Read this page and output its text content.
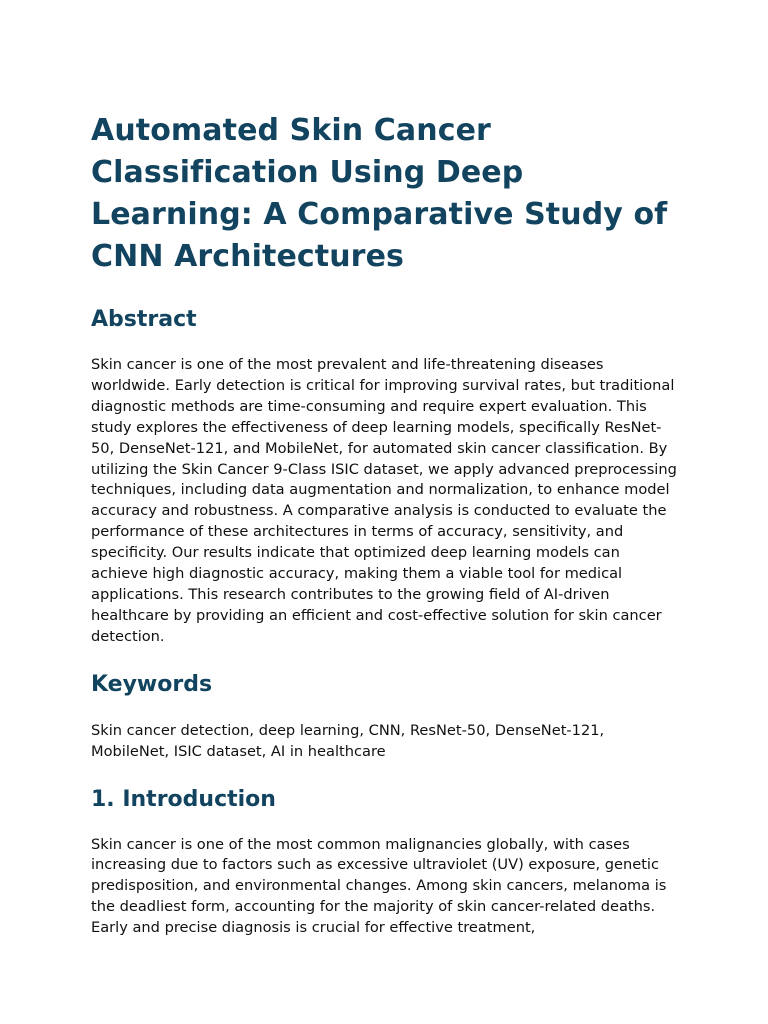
Automated Skin Cancer Classification Using Deep Learning: A Comparative Study of CNN Architectures
Abstract

Skin cancer is one of the most prevalent and life-threatening diseases worldwide. Early detection is critical for improving survival rates, but traditional diagnostic methods are time-consuming and require expert evaluation. This study explores the effectiveness of deep learning models, specifically ResNet-50, DenseNet-121, and MobileNet, for automated skin cancer classification. By utilizing the Skin Cancer 9-Class ISIC dataset, we apply advanced preprocessing techniques, including data augmentation and normalization, to enhance model accuracy and robustness. A comparative analysis is conducted to evaluate the performance of these architectures in terms of accuracy, sensitivity, and specificity. Our results indicate that optimized deep learning models can achieve high diagnostic accuracy, making them a viable tool for medical applications. This research contributes to the growing field of AI-driven healthcare by providing an efficient and cost-effective solution for skin cancer detection.

Keywords

Skin cancer detection, deep learning, CNN, ResNet-50, DenseNet-121, MobileNet, ISIC dataset, AI in healthcare

1. Introduction

Skin cancer is one of the most common malignancies globally, with cases increasing due to factors such as excessive ultraviolet (UV) exposure, genetic predisposition, and environmental changes. Among skin cancers, melanoma is the deadliest form, accounting for the majority of skin cancer-related deaths. Early and precise diagnosis is crucial for effective treatment,
